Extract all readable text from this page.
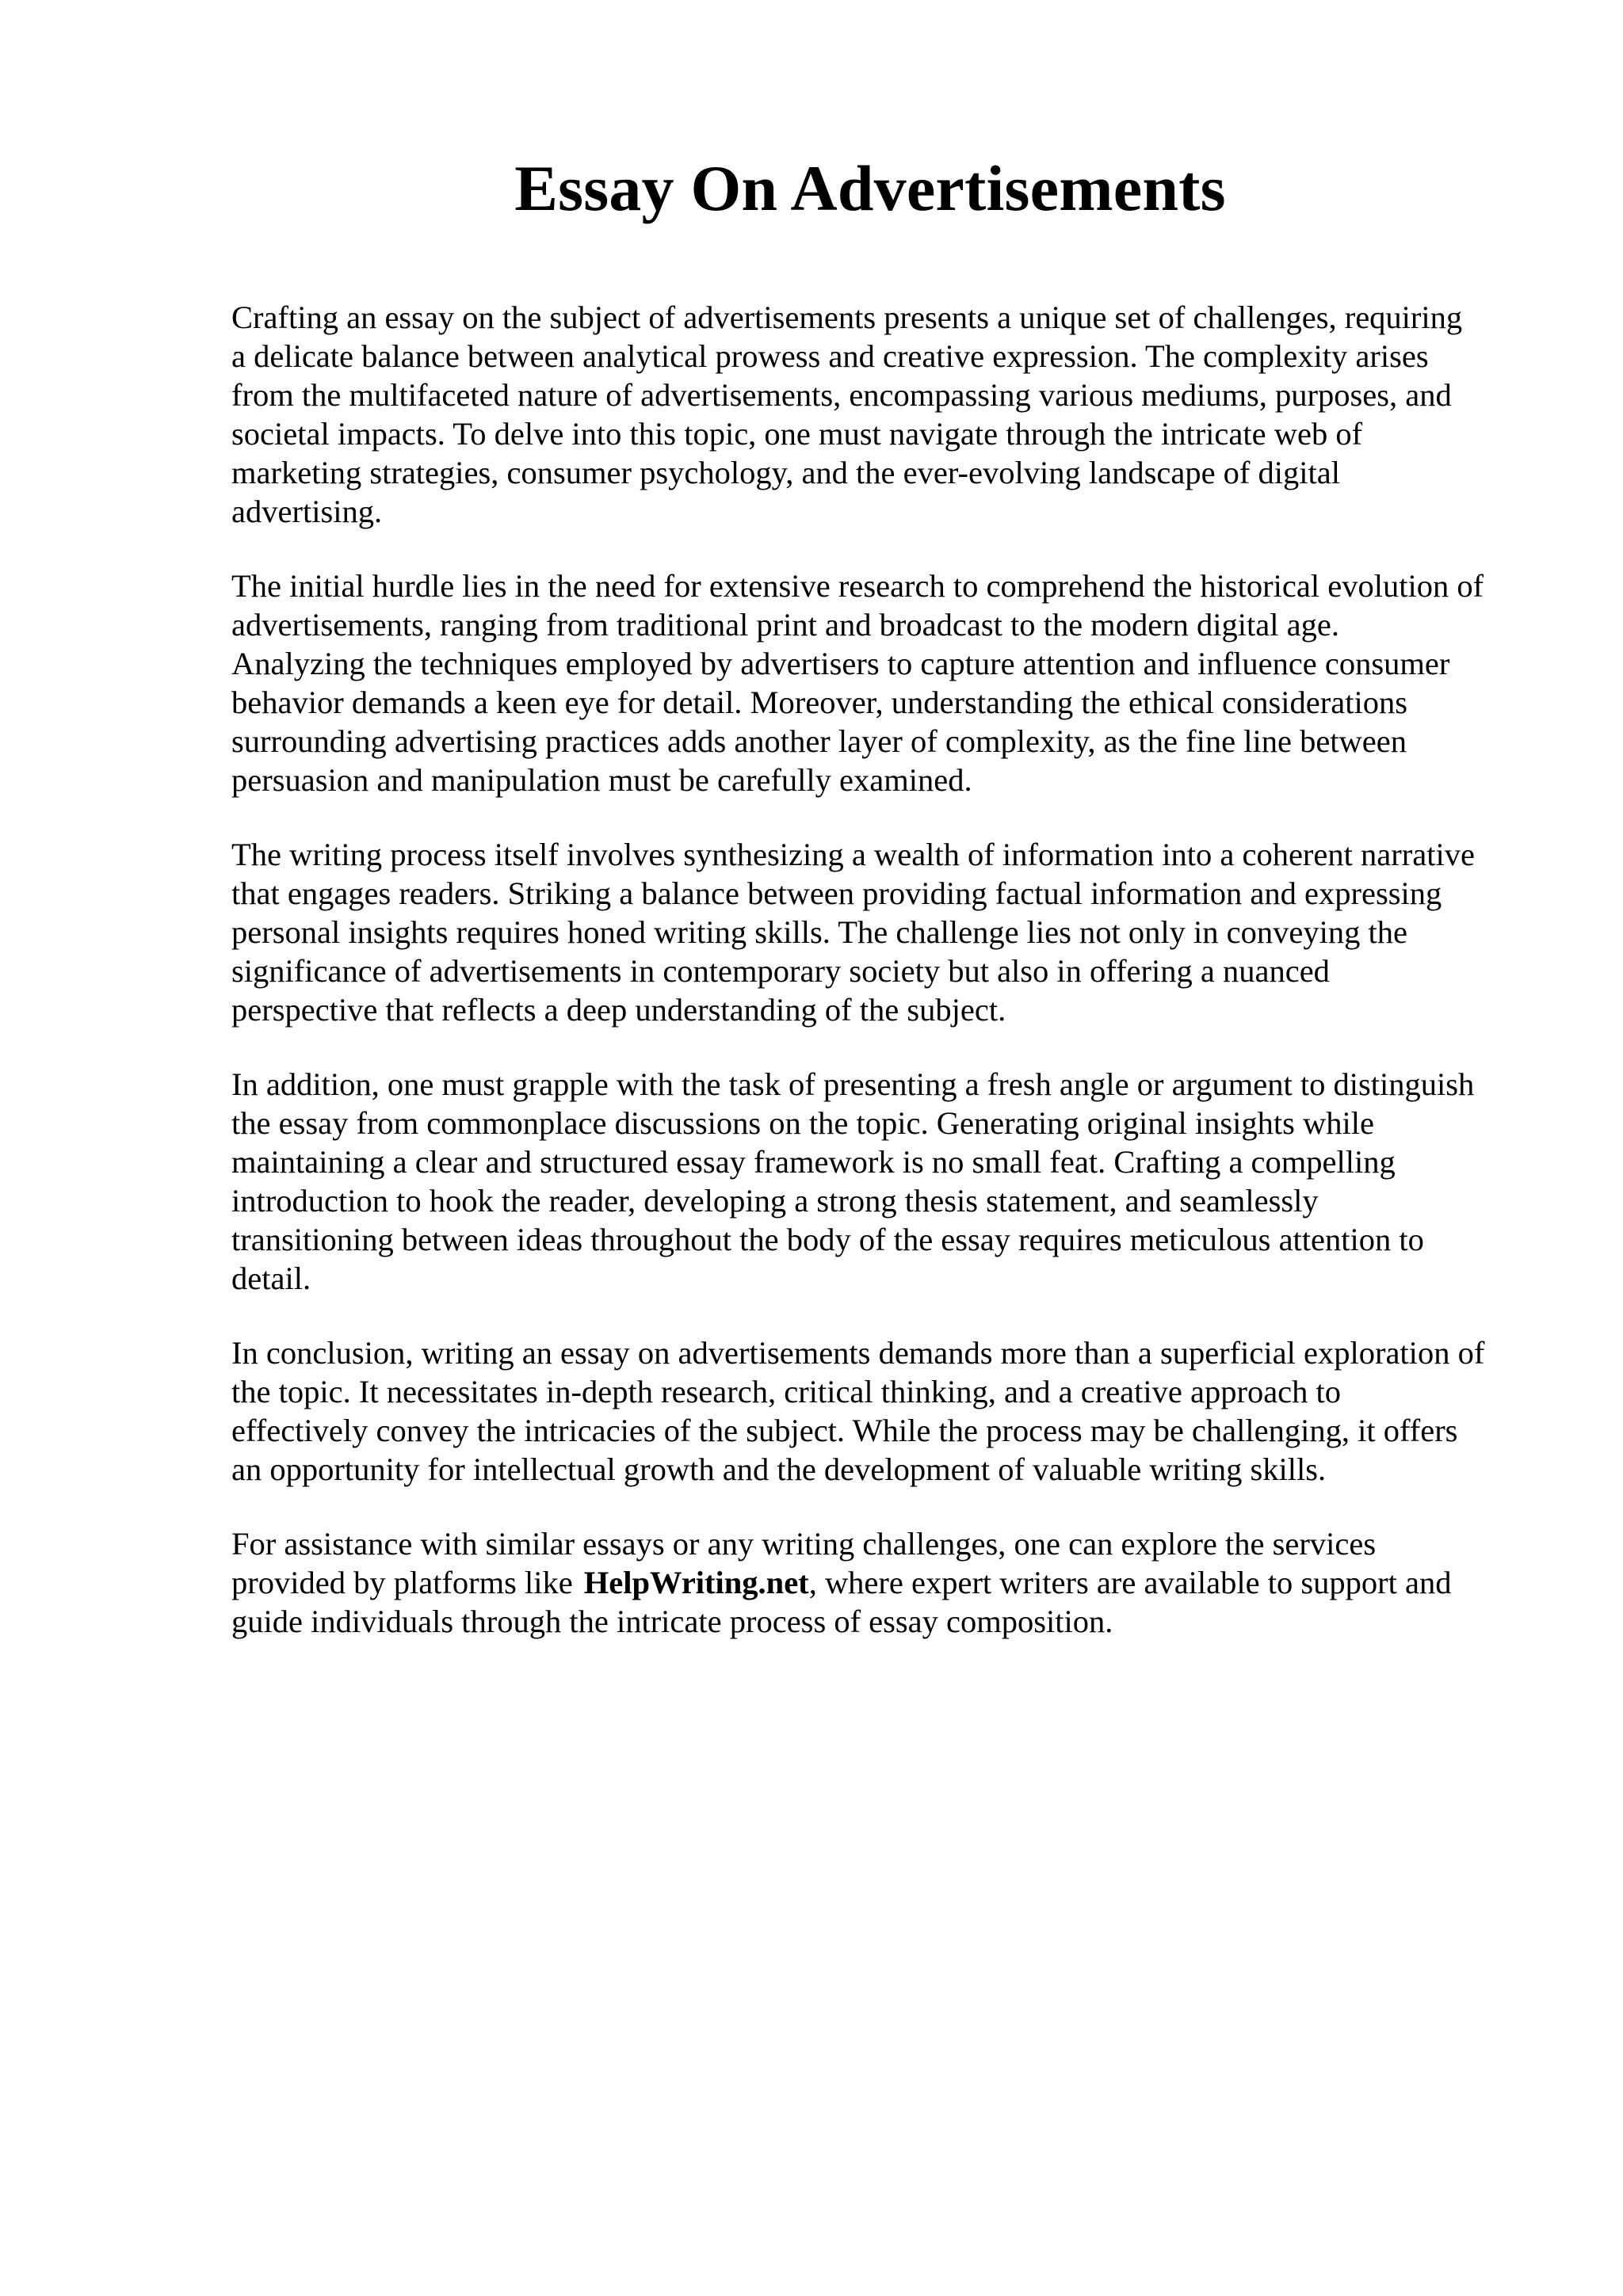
Essay On Advertisements

Crafting an essay on the subject of advertisements presents a unique set of challenges, requiring
a delicate balance between analytical prowess and creative expression. The complexity arises
from the multifaceted nature of advertisements, encompassing various mediums, purposes, and
societal impacts. To delve into this topic, one must navigate through the intricate web of
marketing strategies, consumer psychology, and the ever-evolving landscape of digital
advertising.

The initial hurdle lies in the need for extensive research to comprehend the historical evolution of
advertisements, ranging from traditional print and broadcast to the modern digital age.
Analyzing the techniques employed by advertisers to capture attention and influence consumer
behavior demands a keen eye for detail. Moreover, understanding the ethical considerations
surrounding advertising practices adds another layer of complexity, as the fine line between
persuasion and manipulation must be carefully examined.

The writing process itself involves synthesizing a wealth of information into a coherent narrative
that engages readers. Striking a balance between providing factual information and expressing
personal insights requires honed writing skills. The challenge lies not only in conveying the
significance of advertisements in contemporary society but also in offering a nuanced
perspective that reflects a deep understanding of the subject.

In addition, one must grapple with the task of presenting a fresh angle or argument to distinguish
the essay from commonplace discussions on the topic. Generating original insights while
maintaining a clear and structured essay framework is no small feat. Crafting a compelling
introduction to hook the reader, developing a strong thesis statement, and seamlessly
transitioning between ideas throughout the body of the essay requires meticulous attention to
detail.

In conclusion, writing an essay on advertisements demands more than a superficial exploration of
the topic. It necessitates in-depth research, critical thinking, and a creative approach to
effectively convey the intricacies of the subject. While the process may be challenging, it offers
an opportunity for intellectual growth and the development of valuable writing skills.

For assistance with similar essays or any writing challenges, one can explore the services
provided by platforms like HelpWriting.net, where expert writers are available to support and
guide individuals through the intricate process of essay composition.
